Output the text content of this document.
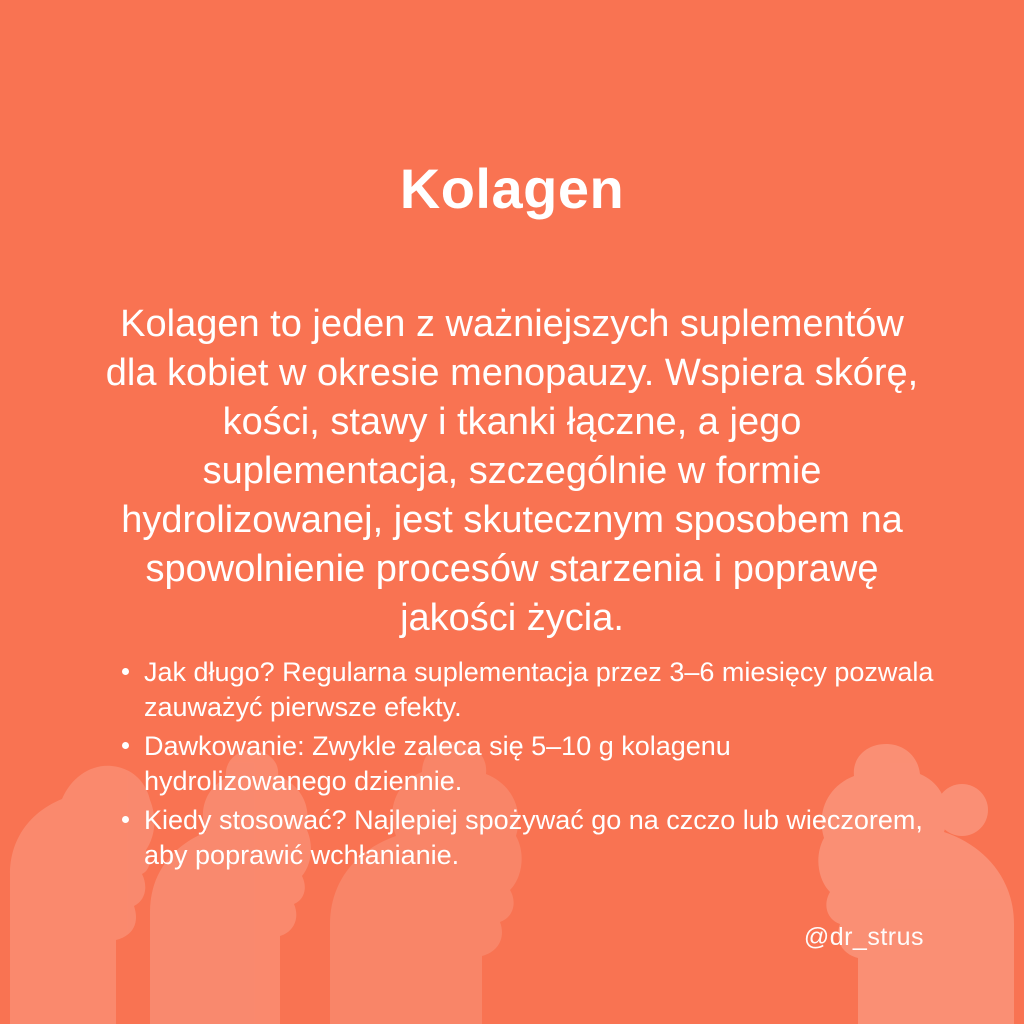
Kolagen

Kolagen to jeden z ważniejszych suplementów dla kobiet w okresie menopauzy. Wspiera skórę, kości, stawy i tkanki łączne, a jego suplementacja, szczególnie w formie hydrolizowanej, jest skutecznym sposobem na spowolnienie procesów starzenia i poprawę jakości życia.

Jak długo? Regularna suplementacja przez 3–6 miesięcy pozwala zauważyć pierwsze efekty.
Dawkowanie: Zwykle zaleca się 5–10 g kolagenu hydrolizowanego dziennie.
Kiedy stosować? Najlepiej spożywać go na czczo lub wieczorem, aby poprawić wchłanianie.
@dr_strus
